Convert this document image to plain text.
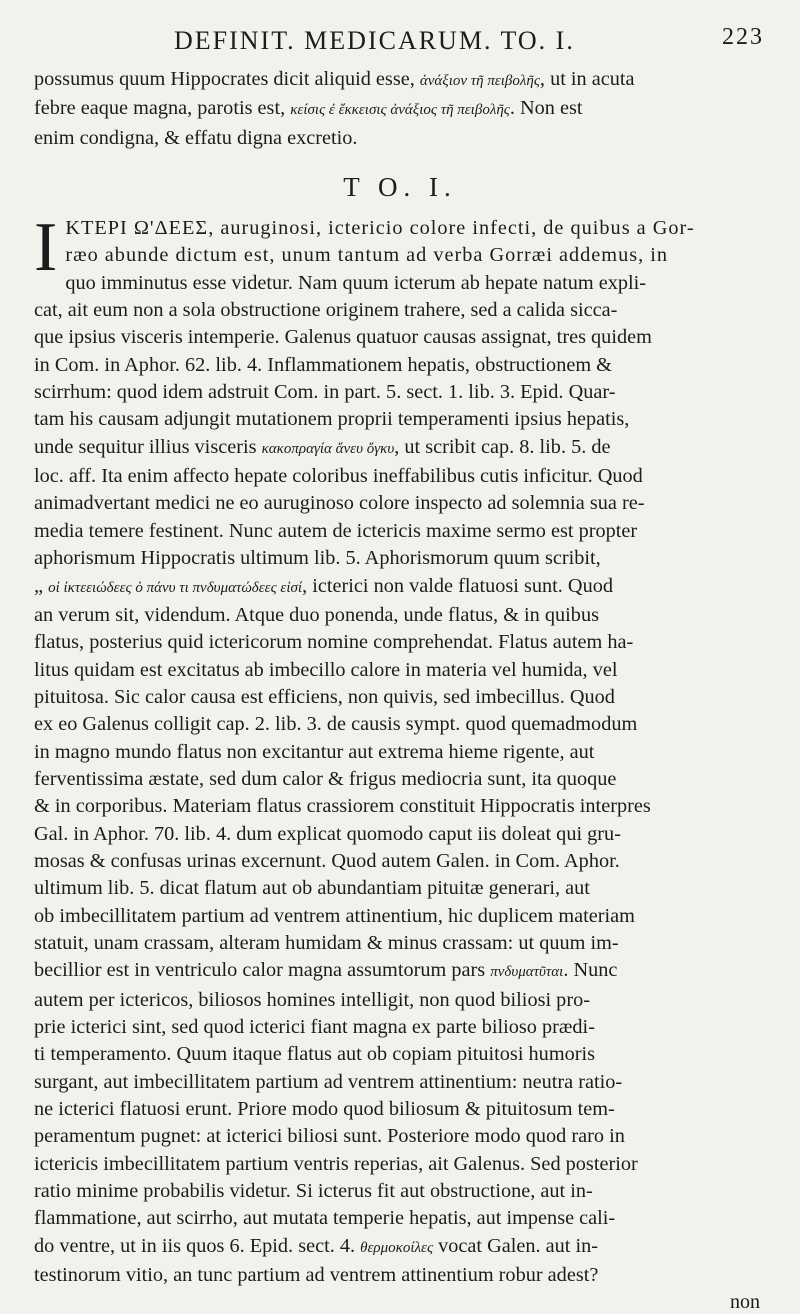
DEFINIT. MEDICARUM. TO. I.	223
possumus quum Hippocrates dicit aliquid esse, ἀνάξιον τῆ πειβολῆς, ut in acuta
febre eaque magna, parotis est, κείσις ἐ ἔκκεισις ἀνάξιος τῆ πειβολῆς. Non est
enim condigna, & effatu digna excretio.
T O. I.
I KTEPI Ω'ΔΕΕΣ, auruginosi, ictericio colore infecti, de quibus a Gor-
ræo abunde dictum est, unum tantum ad verba Gorræi addemus, in
quo imminutus esse videtur. Nam quum icterum ab hepate natum expli-
cat, ait eum non a sola obstructione originem trahere, sed a calida sicca-
que ipsius visceris intemperie. Galenus quatuor causas assignat, tres quidem
in Com. in Aphor. 62. lib. 4. Inflammationem hepatis, obstructionem &
scirrhum: quod idem adstruit Com. in part. 5. sect. 1. lib. 3. Epid. Quar-
tam his causam adjungit mutationem proprii temperamenti ipsius hepatis,
unde sequitur illius visceris κακοπραγία ἄνευ ὄγκυ, ut scribit cap. 8. lib. 5. de
loc. aff. Ita enim affecto hepate coloribus ineffabilibus cutis inficitur. Quod
animadvertant medici ne eo auruginoso colore inspecto ad solemnia sua re-
media temere festinent. Nunc autem de ictericis maxime sermo est propter
aphorismum Hippocratis ultimum lib. 5. Aphorismorum quum scribit,
„ οἱ ἰκτεειώδεες ὁ πάνυ τι πνδυματώδεες εἰσί, icterici non valde flatuosi sunt. Quod
an verum sit, videndum. Atque duo ponenda, unde flatus, & in quibus
flatus, posterius quid ictericorum nomine comprehendat. Flatus autem ha-
litus quidam est excitatus ab imbecillo calore in materia vel humida, vel
pituitosa. Sic calor causa est efficiens, non quivis, sed imbecillus. Quod
ex eo Galenus colligit cap. 2. lib. 3. de causis sympt. quod quemadmodum
in magno mundo flatus non excitantur aut extrema hieme rigente, aut
ferventissima æstate, sed dum calor & frigus mediocria sunt, ita quoque
& in corporibus. Materiam flatus crassiorem constituit Hippocratis interpres
Gal. in Aphor. 70. lib. 4. dum explicat quomodo caput iis doleat qui gru-
mosas & confusas urinas excernunt. Quod autem Galen. in Com. Aphor.
ultimum lib. 5. dicat flatum aut ob abundantiam pituitæ generari, aut
ob imbecillitatem partium ad ventrem attinentium, hic duplicem materiam
statuit, unam crassam, alteram humidam & minus crassam: ut quum im-
becillior est in ventriculo calor magna assumtorum pars πνδυματῦται. Nunc
autem per ictericos, biliosos homines intelligit, non quod biliosi pro-
prie icterici sint, sed quod icterici fiant magna ex parte bilioso prædi-
ti temperamento. Quum itaque flatus aut ob copiam pituitosi humoris
surgant, aut imbecillitatem partium ad ventrem attinentium: neutra ratio-
ne icterici flatuosi erunt. Priore modo quod biliosum & pituitosum tem-
peramentum pugnet: at icterici biliosi sunt. Posteriore modo quod raro in
ictericis imbecillitatem partium ventris reperias, ait Galenus. Sed posterior
ratio minime probabilis videtur. Si icterus fit aut obstructione, aut in-
flammatione, aut scirrho, aut mutata temperie hepatis, aut impense cali-
do ventre, ut in iis quos 6. Epid. sect. 4. θερμοκοίλες vocat Galen. aut in-
testinorum vitio, an tunc partium ad ventrem attinentium robur adest?
non
